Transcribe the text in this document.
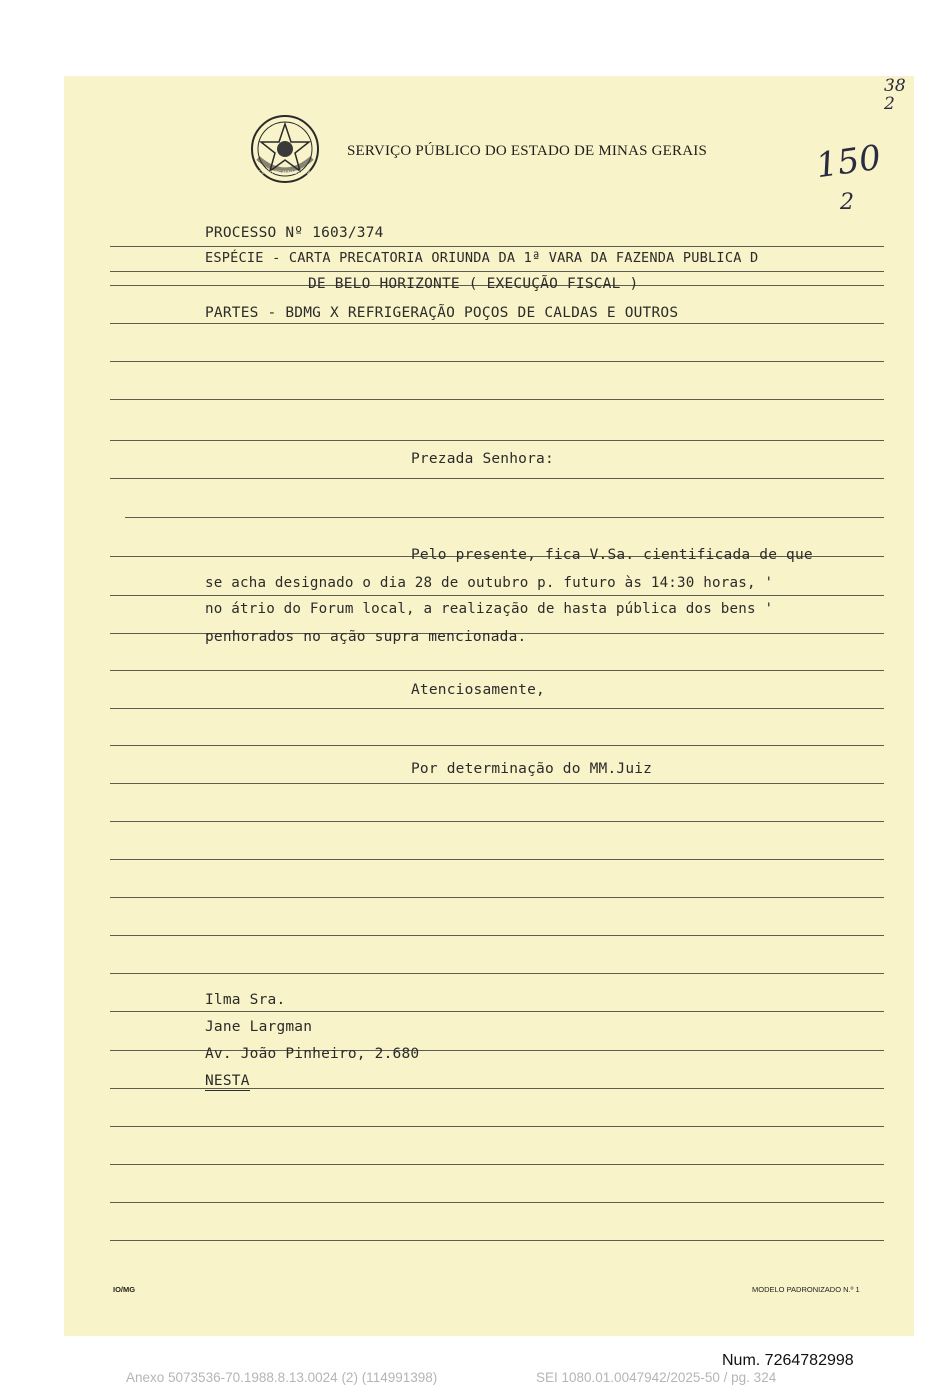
ESTADO DE MINAS GERAIS
SERVIÇO PÚBLICO DO ESTADO DE MINAS GERAIS
38
2
150
2
PROCESSO Nº 1603/374
ESPÉCIE - CARTA PRECATORIA ORIUNDA DA 1ª VARA DA FAZENDA PUBLICA D
DE BELO HORIZONTE ( EXECUÇÃO FISCAL )
PARTES - BDMG X REFRIGERAÇÃO POÇOS DE CALDAS E OUTROS
Prezada Senhora:
Pelo presente, fica V.Sa. cientificada de que
se acha designado o dia 28 de outubro p. futuro às 14:30 horas, '
no átrio do Forum local, a realização de hasta pública dos bens '
penhorados no ação supra mencionada.
Atenciosamente,
Por determinação do MM.Juiz
Ilma Sra.
Jane Largman
Av. João Pinheiro, 2.680
NESTA
IO/MG	MODELO PADRONIZADO N.º 1
Num. 7264782998
Anexo 5073536-70.1988.8.13.0024 (2) (114991398)	SEI 1080.01.0047942/2025-50 / pg. 324
